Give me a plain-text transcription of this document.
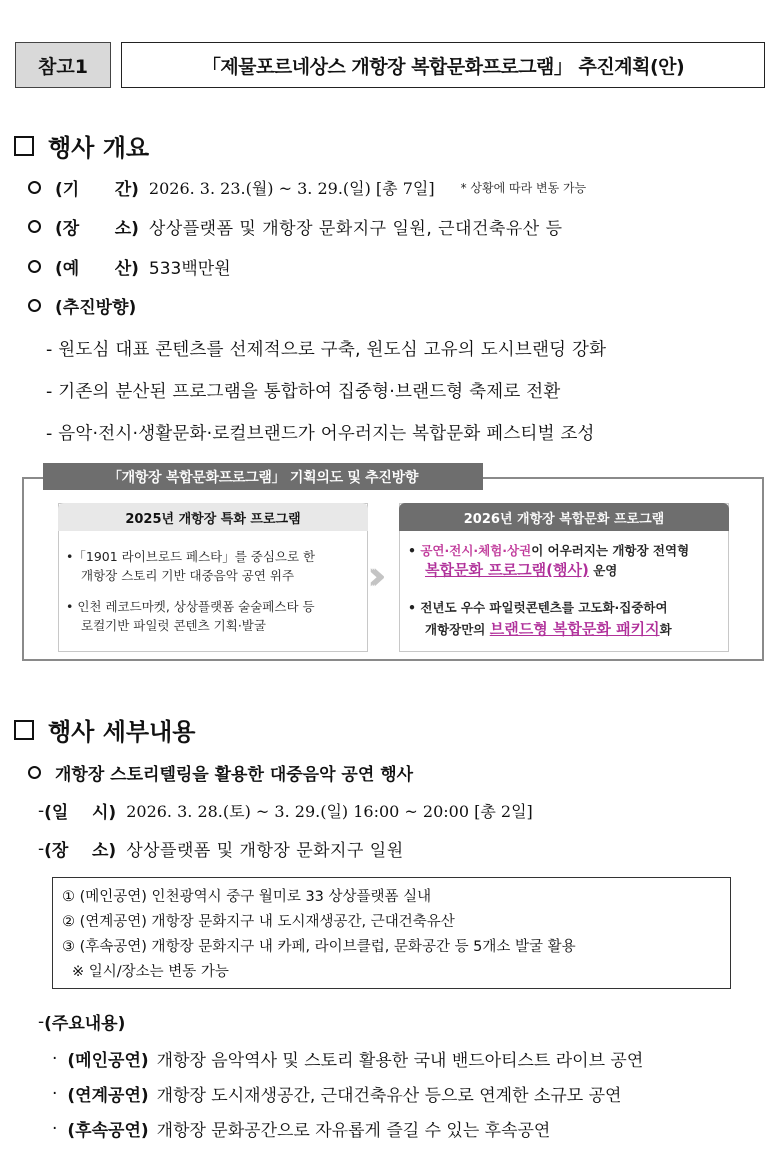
참고1	「제물포르네상스 개항장 복합문화프로그램」 추진계획(안)
행사 개요
(기      간) 2026. 3. 23.(월) ~ 3. 29.(일) [총 7일] * 상황에 따라 변동 가능
(장      소) 상상플랫폼 및 개항장 문화지구 일원, 근대건축유산 등
(예      산) 533백만원
(추진방향)
- 원도심 대표 콘텐츠를 선제적으로 구축, 원도심 고유의 도시브랜딩 강화
- 기존의 분산된 프로그램을 통합하여 집중형·브랜드형 축제로 전환
- 음악·전시·생활문화·로컬브랜드가 어우러지는 복합문화 페스티벌 조성
「개항장 복합문화프로그램」 기획의도 및 추진방향
2025년 개항장 특화 프로그램
•「1901 라이브로드 페스타」를 중심으로 한
개항장 스토리 기반 대중음악 공연 위주
• 인천 레코드마켓, 상상플랫폼 술술페스타 등
로컬기반 파일럿 콘텐츠 기획·발굴
›››
2026년 개항장 복합문화 프로그램
• 공연·전시·체험·상권이 어우러지는 개항장 전역형
복합문화 프로그램(행사) 운영
• 전년도 우수 파일럿콘텐츠를 고도화·집중하여
개항장만의 브랜드형 복합문화 패키지화
행사 세부내용
개항장 스토리텔링을 활용한 대중음악 공연 행사
- (일    시) 2026. 3. 28.(토) ~ 3. 29.(일) 16:00 ~ 20:00 [총 2일]
- (장    소) 상상플랫폼 및 개항장 문화지구 일원
① (메인공연) 인천광역시 중구 월미로 33 상상플랫폼 실내
② (연계공연) 개항장 문화지구 내 도시재생공간, 근대건축유산
③ (후속공연) 개항장 문화지구 내 카페, 라이브클럽, 문화공간 등 5개소 발굴 활용
※ 일시/장소는 변동 가능
- (주요내용)
· (메인공연) 개항장 음악역사 및 스토리 활용한 국내 밴드아티스트 라이브 공연
· (연계공연) 개항장 도시재생공간, 근대건축유산 등으로 연계한 소규모 공연
· (후속공연) 개항장 문화공간으로 자유롭게 즐길 수 있는 후속공연
